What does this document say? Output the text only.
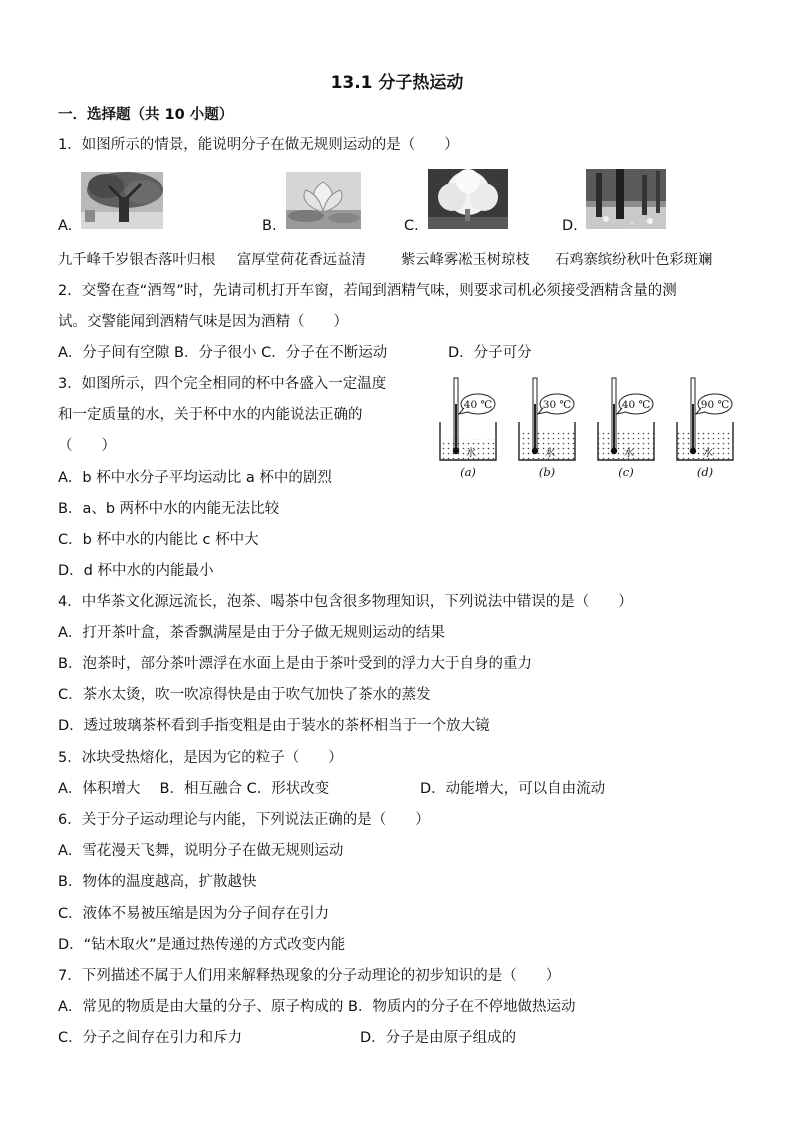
13.1 分子热运动
一．选择题（共 10 小题）
1．如图所示的情景，能说明分子在做无规则运动的是（　　）
A.	B.	C.	D.
九千峰千岁银杏落叶归根 富厚堂荷花香远益清 紫云峰雾凇玉树琼枝 石鸡寨缤纷秋叶色彩斑斓
2．交警在查“酒驾”时，先请司机打开车窗，若闻到酒精气味，则要求司机必须接受酒精含量的测
试。交警能闻到酒精气味是因为酒精（　　）
A．分子间有空隙 B．分子很小 C．分子在不断运动	D．分子可分
3．如图所示，四个完全相同的杯中各盛入一定温度
和一定质量的水，关于杯中水的内能说法正确的
（　　）
40 ℃
水
(a)
30 ℃
水
(b)
40 ℃
水
(c)
90 ℃
水
(d)
A．b 杯中水分子平均运动比 a 杯中的剧烈
B．a、b 两杯中水的内能无法比较
C．b 杯中水的内能比 c 杯中大
D．d 杯中水的内能最小
4．中华茶文化源远流长，泡茶、喝茶中包含很多物理知识，下列说法中错误的是（　　）
A．打开茶叶盒，茶香飘满屋是由于分子做无规则运动的结果
B．泡茶时，部分茶叶漂浮在水面上是由于茶叶受到的浮力大于自身的重力
C．茶水太烫，吹一吹凉得快是由于吹气加快了茶水的蒸发
D．透过玻璃茶杯看到手指变粗是由于装水的茶杯相当于一个放大镜
5．冰块受热熔化，是因为它的粒子（　　）
A．体积增大　 B．相互融合 C．形状改变	D．动能增大，可以自由流动
6．关于分子运动理论与内能，下列说法正确的是（　　）
A．雪花漫天飞舞，说明分子在做无规则运动
B．物体的温度越高，扩散越快
C．液体不易被压缩是因为分子间存在引力
D．“钻木取火”是通过热传递的方式改变内能
7．下列描述不属于人们用来解释热现象的分子动理论的初步知识的是（　　）
A．常见的物质是由大量的分子、原子构成的 B．物质内的分子在不停地做热运动
C．分子之间存在引力和斥力	D．分子是由原子组成的
